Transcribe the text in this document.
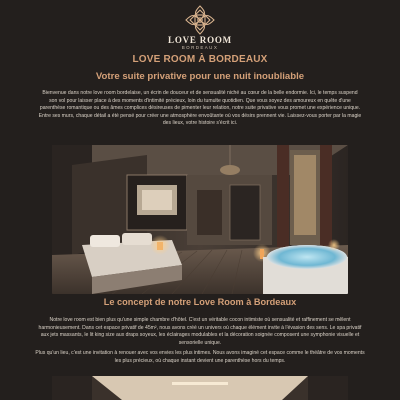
LOVE ROOM
BORDEAUX
LOVE ROOM À BORDEAUX
Votre suite privative pour une nuit inoubliable

Bienvenue dans notre love room bordelaise, un écrin de douceur et de sensualité niché au cœur de la belle endormie. Ici, le temps suspend son vol pour laisser place à des moments d'intimité précieux, loin du tumulte quotidien. Que vous soyez des amoureux en quête d'une parenthèse romantique ou des âmes complices désireuses de pimenter leur relation, notre suite privative vous promet une expérience unique. Entre ses murs, chaque détail a été pensé pour créer une atmosphère envoûtante où vos désirs prennent vie. Laissez-vous porter par la magie des lieux, votre histoire s'écrit ici.

Le concept de notre Love Room à Bordeaux

Notre love room est bien plus qu'une simple chambre d'hôtel. C'est un véritable cocon intimiste où sensualité et raffinement se mêlent harmonieusement. Dans cet espace privatif de 45m², nous avons créé un univers où chaque élément invite à l'évasion des sens. Le spa privatif aux jets massants, le lit king size aux draps soyeux, les éclairages modulables et la décoration soignée composent une symphonie visuelle et sensorielle unique.

Plus qu'un lieu, c'est une invitation à renouer avec vos envies les plus intimes. Nous avons imaginé cet espace comme le théâtre de vos moments les plus précieux, où chaque instant devient une parenthèse hors du temps.
